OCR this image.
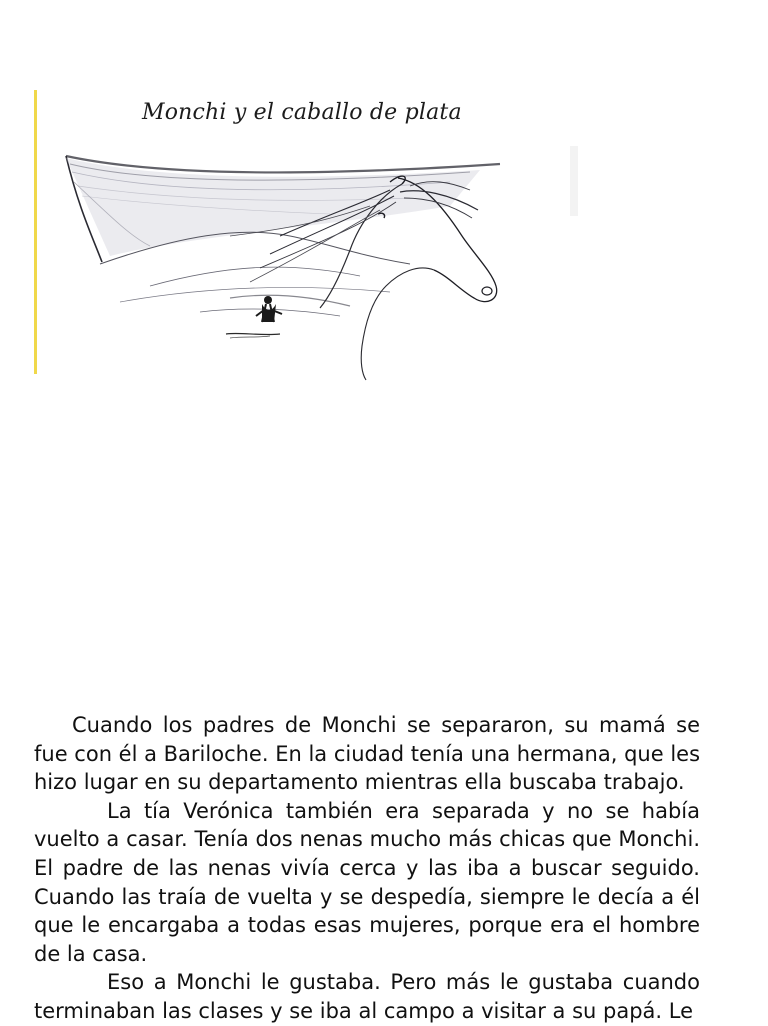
Monchi y el caballo de plata

Cuando los padres de Monchi se separaron, su mamá se fue con él a Bariloche. En la ciudad tenía una hermana, que les hizo lugar en su departamento mientras ella buscaba trabajo.

La tía Verónica también era separada y no se había vuelto a casar. Tenía dos nenas mucho más chicas que Monchi. El padre de las nenas vivía cerca y las iba a buscar seguido. Cuando las traía de vuelta y se despedía, siempre le decía a él que le encargaba a todas esas mujeres, porque era el hombre de la casa.

Eso a Monchi le gustaba. Pero más le gustaba cuando terminaban las clases y se iba al campo a visitar a su papá. Le
